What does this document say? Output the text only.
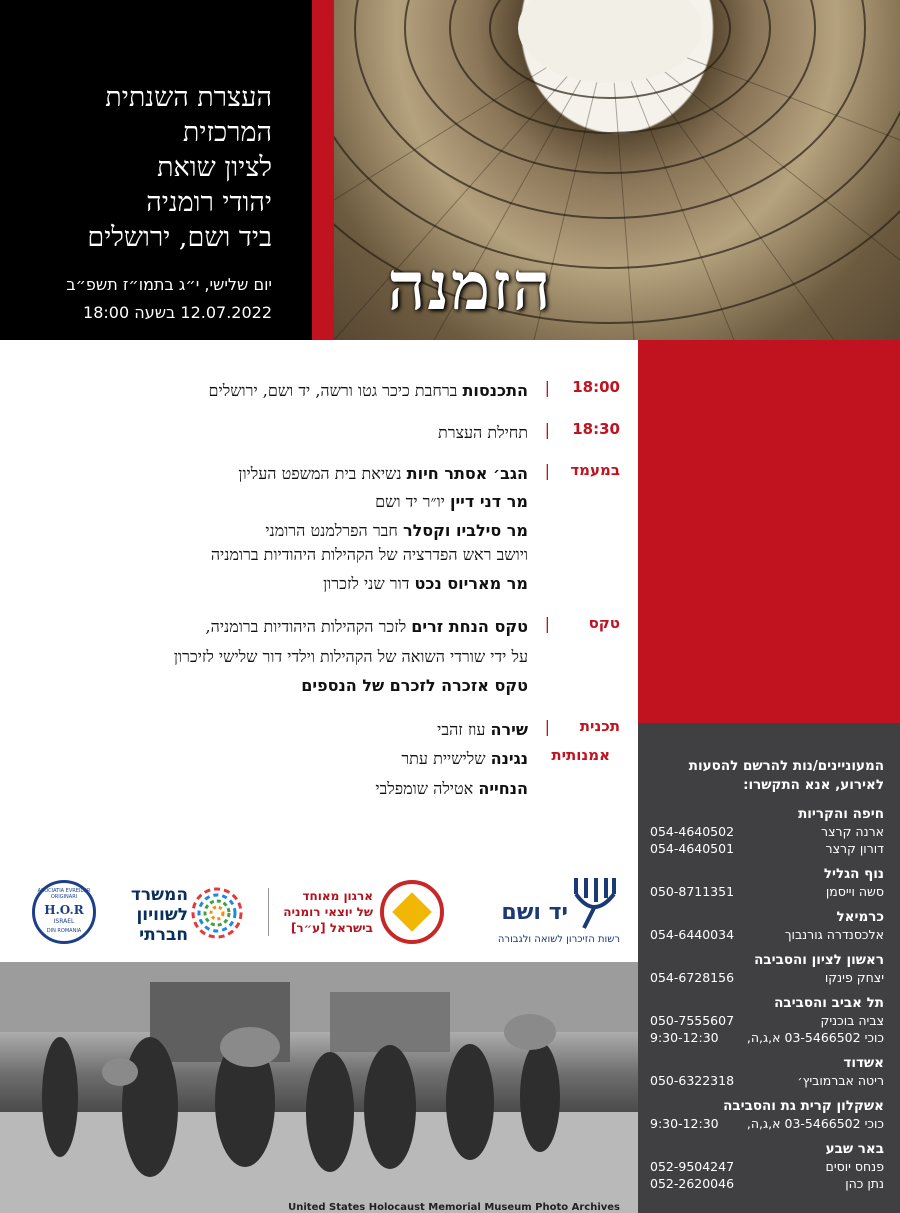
העצרת השנתית
המרכזית
לציון שואת
יהודי רומניה
ביד ושם, ירושלים
יום שלישי, י״ג בתמו״ז תשפ״ב
12.07.2022 בשעה 18:00	הזמנה
המעוניינים/נות להרשם להסעות לאירוע, אנא התקשרו:
חיפה והקריות
ארנה קרצר
054-4640502
דורון קרצר
054-4640501
נוף הגליל
סשה וייסמן
050-8711351
כרמיאל
אלכסנדרה גורנבוך
054-6440034
ראשון לציון והסביבה
יצחק פינקו
054-6728156
תל אביב והסביבה
צביה בוכניק
050-7555607
כוכי 03-5466502 א,ג,ה,
9:30-12:30
אשדוד
ריטה אברמוביץ׳
050-6322318
אשקלון קרית גת והסביבה
כוכי 03-5466502 א,ג,ה,
9:30-12:30
באר שבע
פנחס יוסים
052-9504247
נתן כהן
052-2620046
18:00
|
התכנסות ברחבת כיכר גטו ורשה, יד ושם, ירושלים
18:30
|
תחילת העצרת
במעמד
|
הגב׳ אסתר חיות נשיאת בית המשפט העליון
מר דני דיין יו״ר יד ושם
מר סילביו וקסלר חבר הפרלמנט הרומני
ויושב ראש הפדרציה של הקהילות היהודיות ברומניה
מר מאריוס נכט דור שני לזכרון
טקס
|
טקס הנחת זרים לזכר הקהילות היהודיות ברומניה,
על ידי שורדי השואה של הקהילות וילדי דור שלישי לזיכרון
טקס אזכרה לזכרם של הנספים
תכנית
|
שירה עוז זהבי
אמנותית
נגינה שלישיית עתר
הנחייה אטילה שומפלבי
ASOCIATIA EVREILOR ORIGINARI
H.O.R
ISRAEL
DIN ROMANIA
המשרד
לשוויון
חברתי
ארגון מאוחד
של יוצאי רומניה
בישראל [ע״ר]
יד ושם
רשות הזיכרון לשואה ולגבורה
United States Holocaust Memorial Museum Photo Archives
